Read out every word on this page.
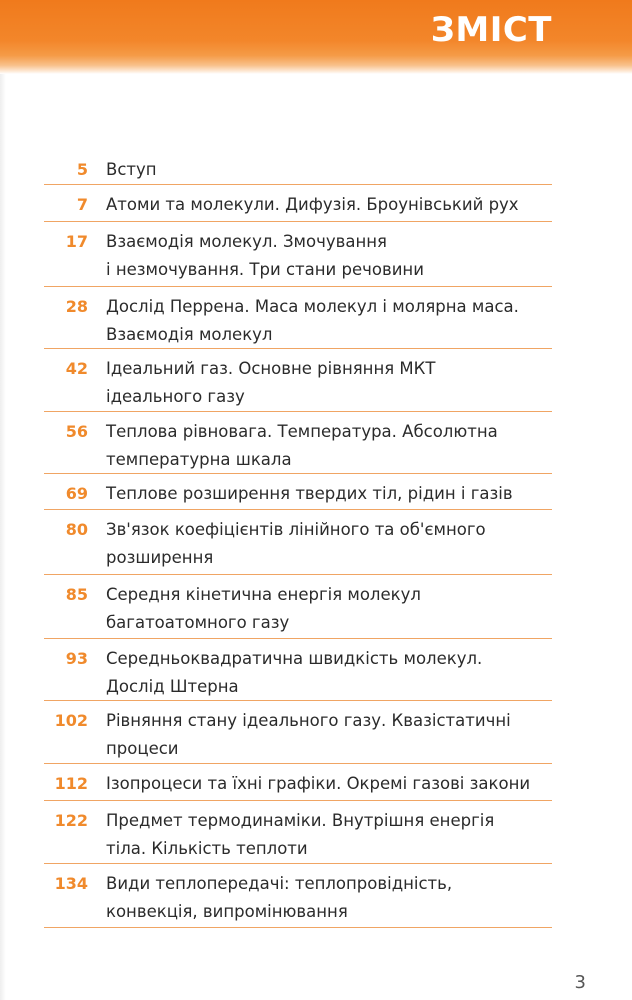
ЗМІСТ
5 Вступ
7 Атоми та молекули. Дифузія. Броунівський рух
17 Взаємодія молекул. Змочування
і незмочування. Три стани речовини
28 Дослід Перрена. Маса молекул і молярна маса.
Взаємодія молекул
42 Ідеальний газ. Основне рівняння МКТ
ідеального газу
56 Теплова рівновага. Температура. Абсолютна
температурна шкала
69 Теплове розширення твердих тіл, рідин і газів
80 Зв'язок коефіцієнтів лінійного та об'ємного
розширення
85 Середня кінетична енергія молекул
багатоатомного газу
93 Середньоквадратична швидкість молекул.
Дослід Штерна
102 Рівняння стану ідеального газу. Квазістатичні
процеси
112 Ізопроцеси та їхні графіки. Окремі газові закони
122 Предмет термодинаміки. Внутрішня енергія
тіла. Кількість теплоти
134 Види теплопередачі: теплопровідність,
конвекція, випромінювання
3
